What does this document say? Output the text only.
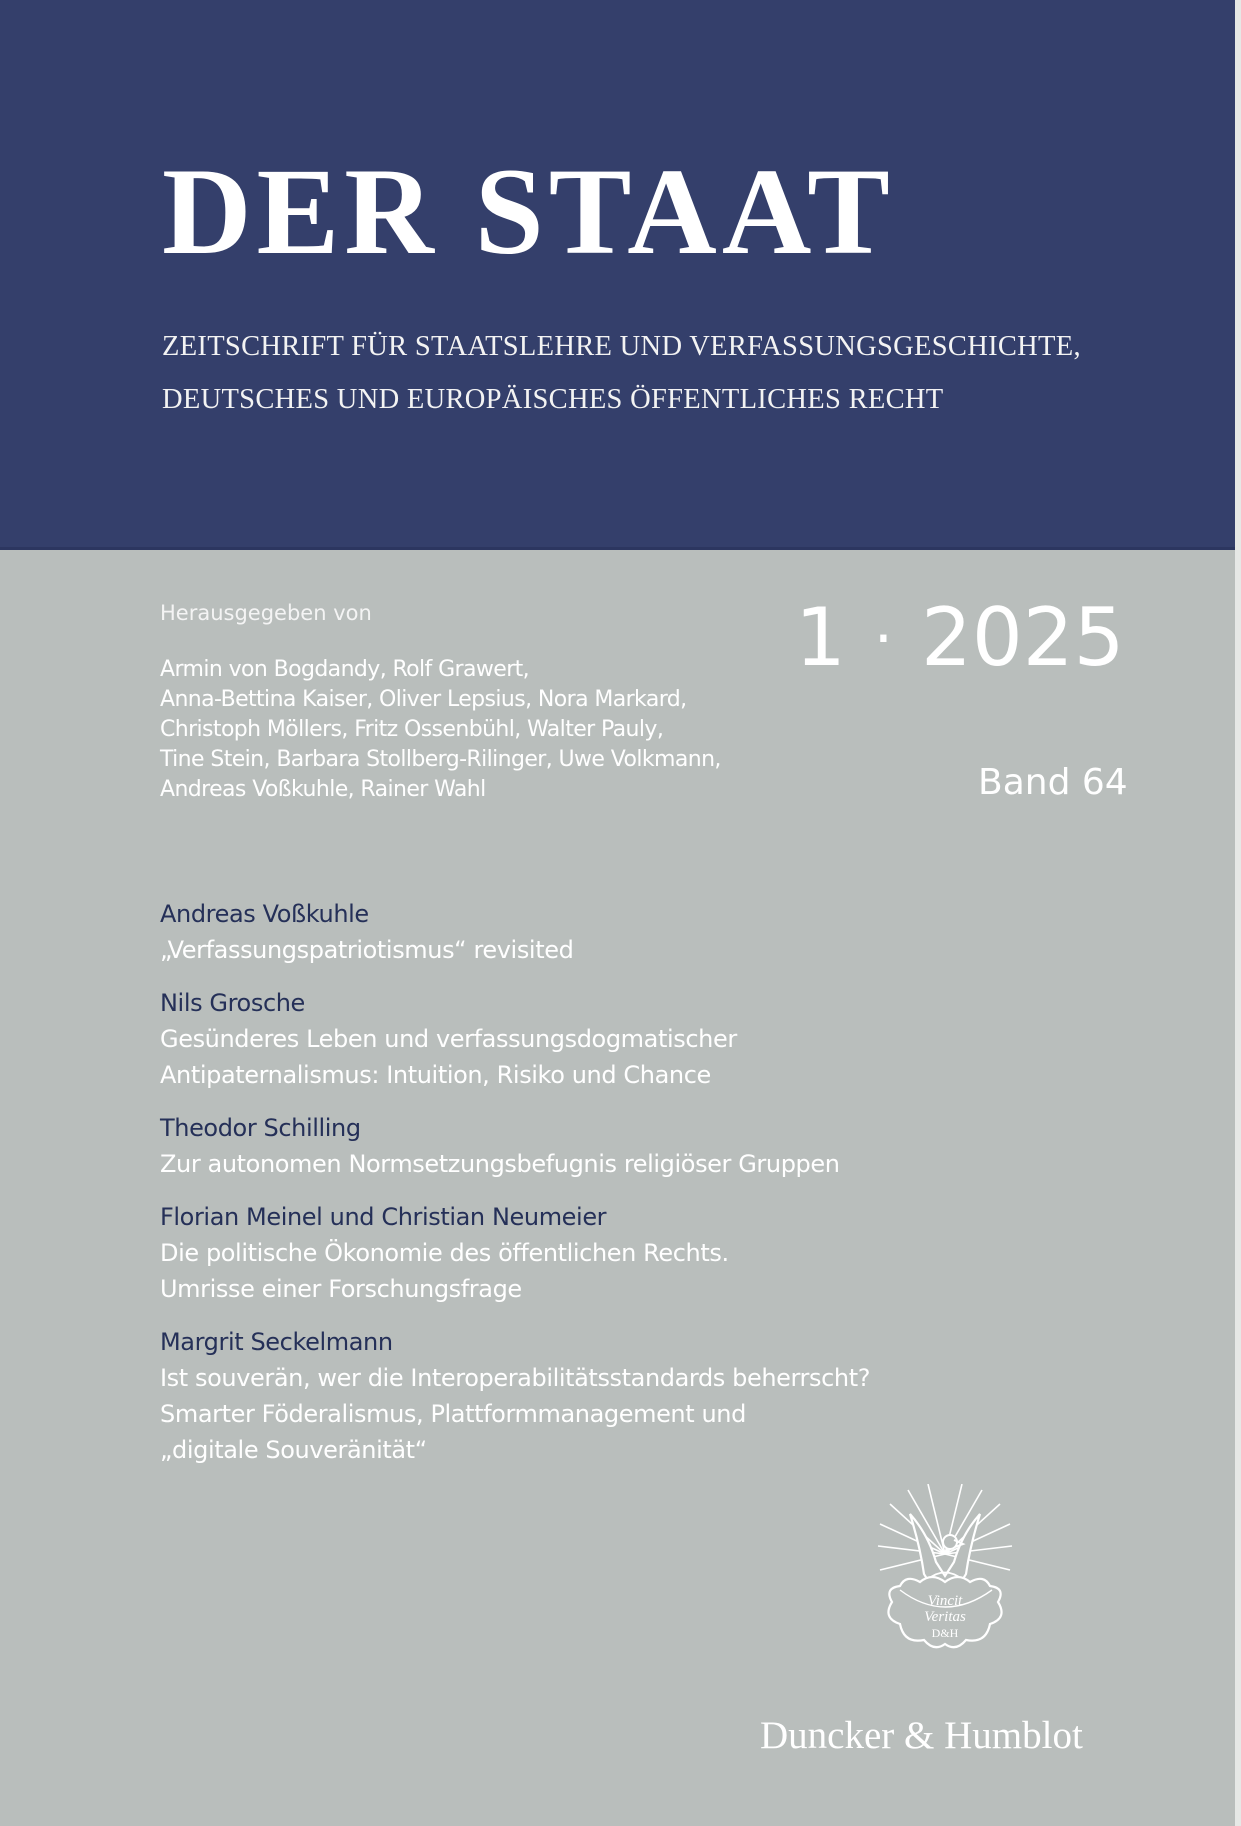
DER STAAT

ZEITSCHRIFT FÜR STAATSLEHRE UND VERFASSUNGSGESCHICHTE,

DEUTSCHES UND EUROPÄISCHES ÖFFENTLICHES RECHT

Herausgegeben von
Armin von Bogdandy, Rolf Grawert,
Anna-Bettina Kaiser, Oliver Lepsius, Nora Markard,
Christoph Möllers, Fritz Ossenbühl, Walter Pauly,
Tine Stein, Barbara Stollberg-Rilinger, Uwe Volkmann,
Andreas Voßkuhle, Rainer Wahl
1 · 2025
Band 64
Andreas Voßkuhle
„Verfassungspatriotismus“ revisited
Nils Grosche
Gesünderes Leben und verfassungsdogmatischer
Antipaternalismus: Intuition, Risiko und Chance
Theodor Schilling
Zur autonomen Normsetzungsbefugnis religiöser Gruppen
Florian Meinel und Christian Neumeier
Die politische Ökonomie des öffentlichen Rechts.
Umrisse einer Forschungsfrage
Margrit Seckelmann
Ist souverän, wer die Interoperabilitätsstandards beherrscht?
Smarter Föderalismus, Plattformmanagement und
„digitale Souveränität“
Vincit
Veritas
D&H
Duncker & Humblot
